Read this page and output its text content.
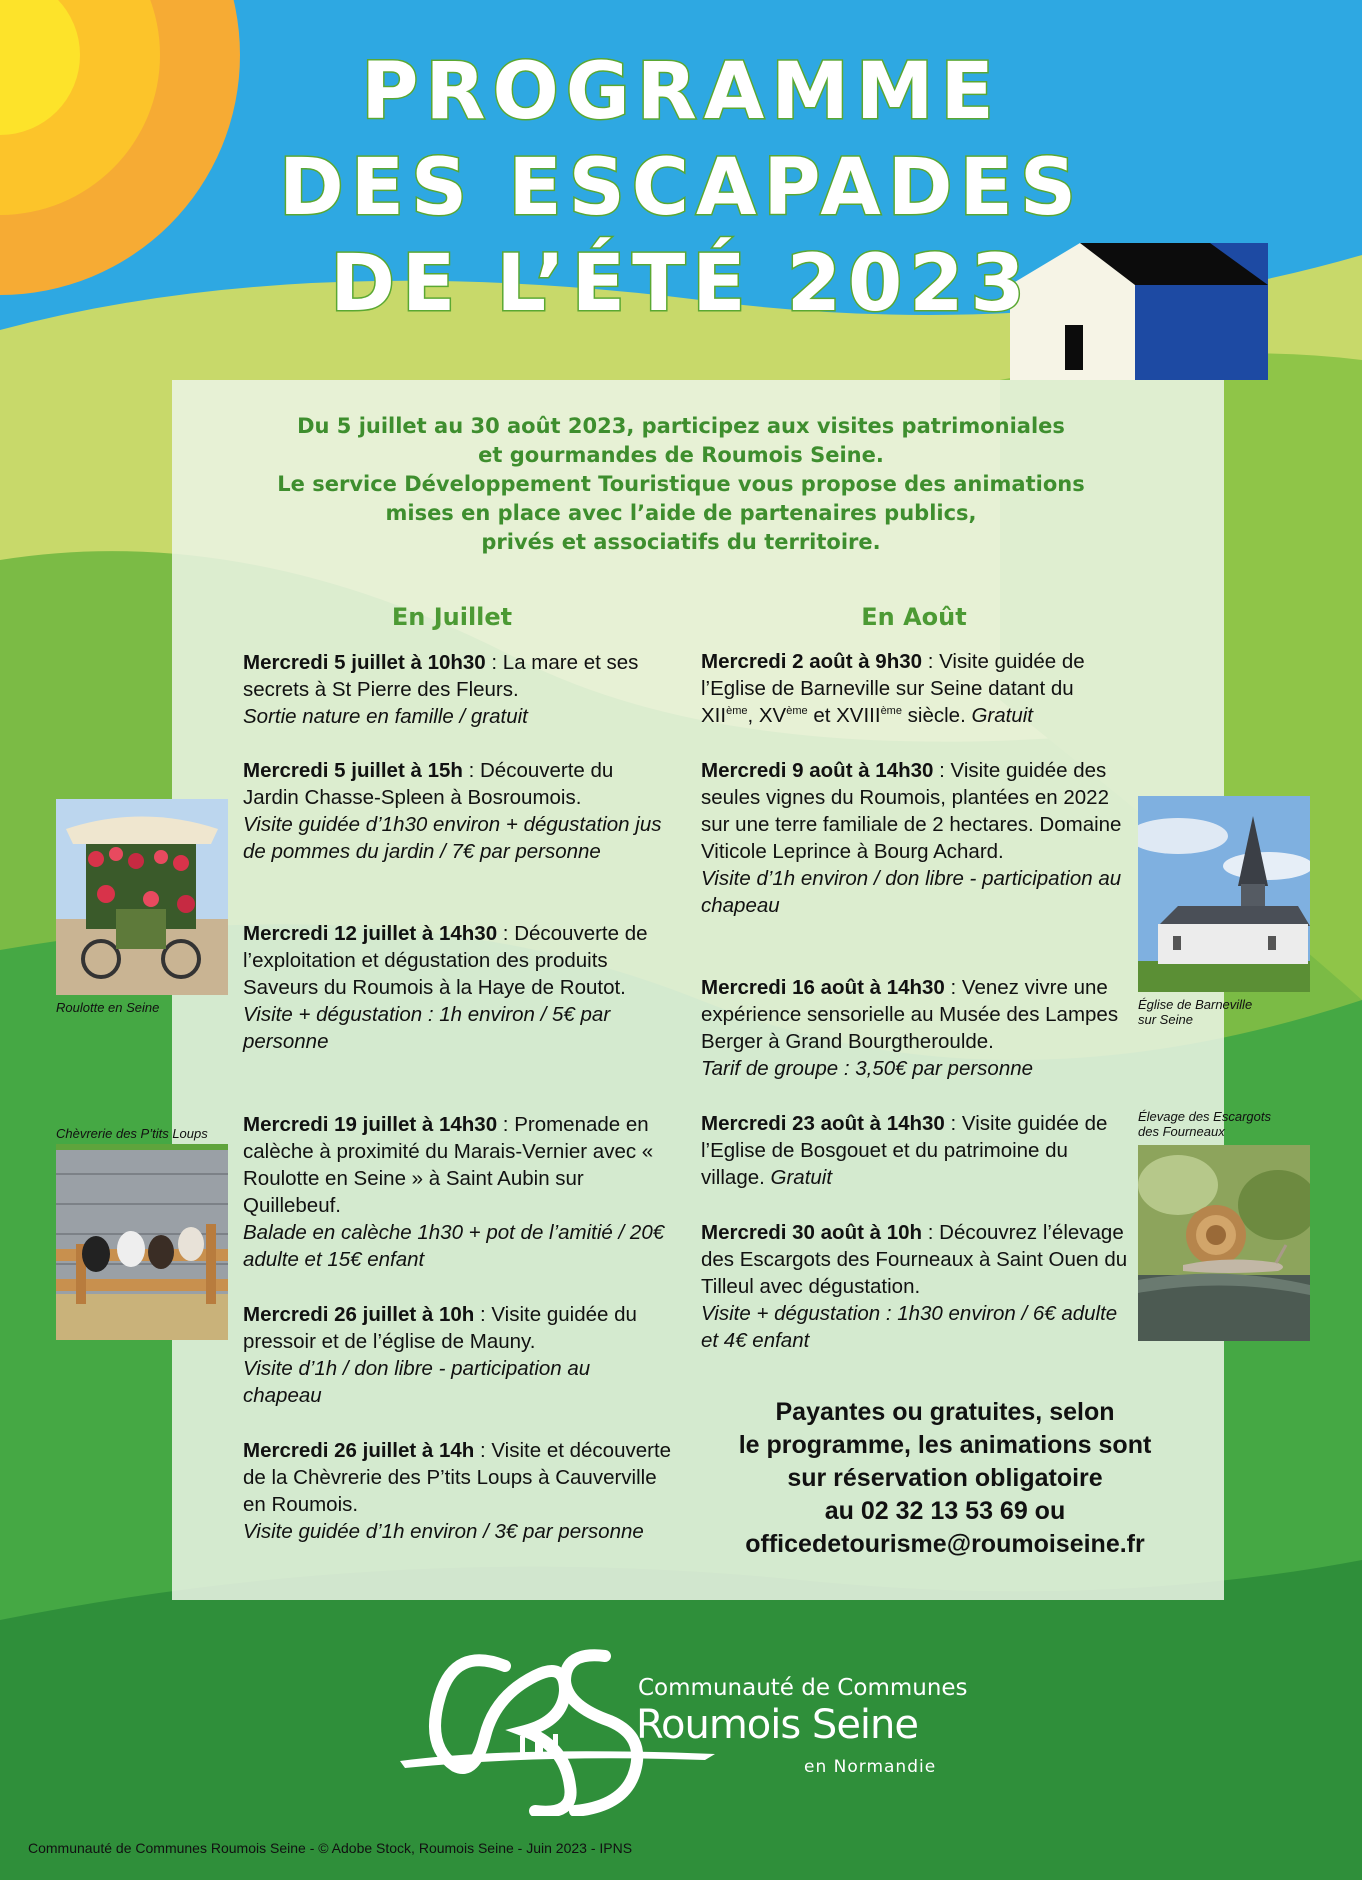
PROGRAMME
DES ESCAPADES
DE L’ÉTÉ 2023
Du 5 juillet au 30 août 2023, participez aux visites patrimoniales
et gourmandes de Roumois Seine.
Le service Développement Touristique vous propose des animations
mises en place avec l’aide de partenaires publics,
privés et associatifs du territoire.
En Juillet
Mercredi 5 juillet à 10h30 : La mare et ses secrets à St Pierre des Fleurs.
Sortie nature en famille / gratuit
Mercredi 5 juillet à 15h : Découverte du Jardin Chasse-Spleen à Bosroumois.
Visite guidée d’1h30 environ + dégustation jus de pommes du jardin / 7€ par personne
Mercredi 12 juillet à 14h30 : Découverte de l’exploitation et dégustation des produits Saveurs du Roumois à la Haye de Routot.
Visite + dégustation : 1h environ / 5€ par personne
Mercredi 19 juillet à 14h30 : Promenade en calèche à proximité du Marais-Vernier avec « Roulotte en Seine » à Saint Aubin sur Quillebeuf.
Balade en calèche 1h30 + pot de l’amitié / 20€ adulte et 15€ enfant
Mercredi 26 juillet à 10h : Visite guidée du pressoir et de l’église de Mauny.
Visite d’1h / don libre - participation au chapeau
Mercredi 26 juillet à 14h : Visite et découverte de la Chèvrerie des P’tits Loups à Cauverville en Roumois.
Visite guidée d’1h environ / 3€ par personne
En Août
Mercredi 2 août à 9h30 : Visite guidée de l’Eglise de Barneville sur Seine datant du XIIème, XVème et XVIIIème siècle. Gratuit
Mercredi 9 août à 14h30 : Visite guidée des seules vignes du Roumois, plantées en 2022 sur une terre familiale de 2 hectares. Domaine Viticole Leprince à Bourg Achard.
Visite d’1h environ / don libre - participation au chapeau
Mercredi 16 août à 14h30 : Venez vivre une expérience sensorielle au Musée des Lampes Berger à Grand Bourgtheroulde.
Tarif de groupe : 3,50€ par personne
Mercredi 23 août à 14h30 : Visite guidée de l’Eglise de Bosgouet et du patrimoine du village. Gratuit
Mercredi 30 août à 10h : Découvrez l’élevage des Escargots des Fourneaux à Saint Ouen du Tilleul avec dégustation.
Visite + dégustation : 1h30 environ / 6€ adulte et 4€ enfant
Payantes ou gratuites, selon
le programme, les animations sont
sur réservation obligatoire
au 02 32 13 53 69 ou
officedetourisme@roumoiseine.fr
Roulotte en Seine
Chèvrerie des P’tits Loups
Église de Barneville
sur Seine
Élevage des Escargots
des Fourneaux
Communauté de Communes
Roumois Seine
en Normandie
Communauté de Communes Roumois Seine - © Adobe Stock, Roumois Seine - Juin 2023 - IPNS
